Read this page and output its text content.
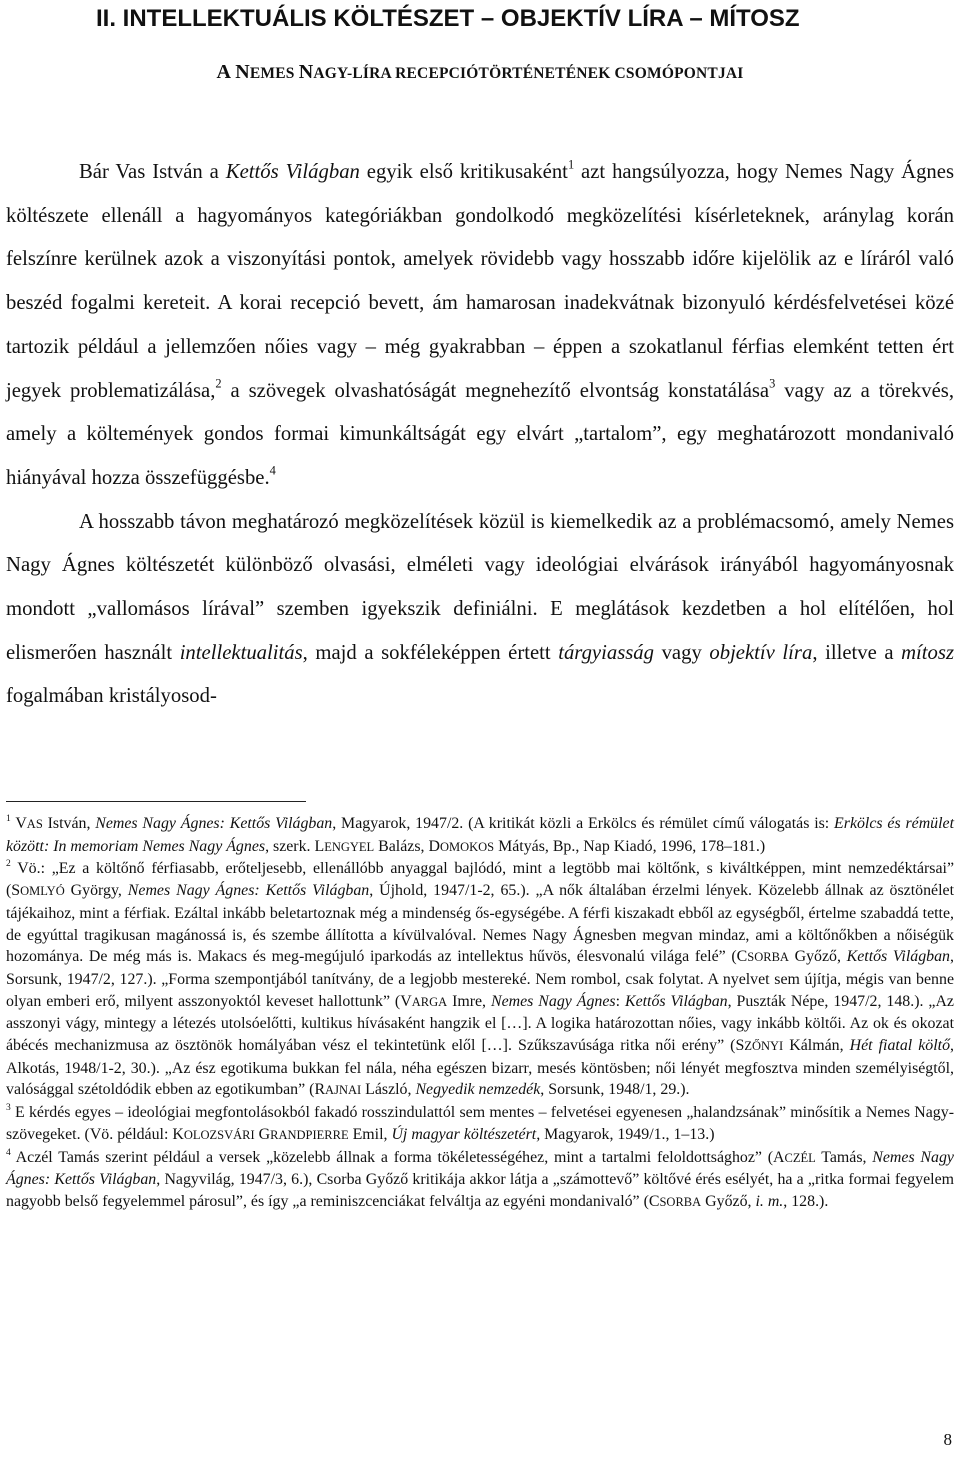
II. INTELLEKTUÁLIS KÖLTÉSZET – OBJEKTÍV LÍRA – MÍTOSZ
A NEMES NAGY-LÍRA RECEPCIÓTÖRTÉNETÉNEK CSOMÓPONTJAI

Bár Vas István a Kettős Világban egyik első kritikusaként$^1$ azt hangsúlyozza, hogy Nemes Nagy Ágnes költészete ellenáll a hagyományos kategóriákban gondolkodó megközelítési kísérleteknek, aránylag korán felszínre kerülnek azok a viszonyítási pontok, amelyek rövidebb vagy hosszabb időre kijelölik az e líráról való beszéd fogalmi kereteit. A korai recepció bevett, ám hamarosan inadekvátnak bizonyuló kérdésfelvetései közé tartozik például a jellemzően nőies vagy – még gyakrabban – éppen a szokatlanul férfias elemként tetten ért jegyek problematizálása,$^2$ a szövegek olvashatóságát megnehezítő elvontság konstatálása$^3$ vagy az a törekvés, amely a költemények gondos formai kimunkáltságát egy elvárt „tartalom”, egy meghatározott mondanivaló hiányával hozza összefüggésbe.$^4$

A hosszabb távon meghatározó megközelítések közül is kiemelkedik az a problémacsomó, amely Nemes Nagy Ágnes költészetét különböző olvasási, elméleti vagy ideológiai elvárások irányából hagyományosnak mondott „vallomásos lírával” szemben igyekszik definiálni. E meglátások kezdetben a hol elítélően, hol elismerően használt intellektualitás, majd a sokféleképpen értett tárgyiasság vagy objektív líra, illetve a mítosz fogalmában kristályosod-

$^1$ VAS István, Nemes Nagy Ágnes: Kettős Világban, Magyarok, 1947/2. (A kritikát közli a Erkölcs és rémület című válogatás is: Erkölcs és rémület között: In memoriam Nemes Nagy Ágnes, szerk. LENGYEL Balázs, DOMOKOS Mátyás, Bp., Nap Kiadó, 1996, 178–181.)

$^2$ Vö.: „Ez a költőnő férfiasabb, erőteljesebb, ellenállóbb anyaggal bajlódó, mint a legtöbb mai költőnk, s kiváltképpen, mint nemzedéktársai” (SOMLYÓ György, Nemes Nagy Ágnes: Kettős Világban, Újhold, 1947/1-2, 65.). „A nők általában érzelmi lények. Közelebb állnak az ösztönélet tájékaihoz, mint a férfiak. Ezáltal inkább beletartoznak még a mindenség ős-egységébe. A férfi kiszakadt ebből az egységből, értelme szabaddá tette, de egyúttal tragikusan magánossá is, és szembe állította a kívülvalóval. Nemes Nagy Ágnesben megvan mindaz, ami a költőnőkben a nőiségük hozománya. De még más is. Makacs és meg-megújuló iparkodás az intellektus hűvös, élesvonalú világa felé” (CSORBA Győző, Kettős Világban, Sorsunk, 1947/2, 127.). „Forma szempontjából tanítvány, de a legjobb mestereké. Nem rombol, csak folytat. A nyelvet sem újítja, mégis van benne olyan emberi erő, milyent asszonyoktól keveset hallottunk” (VARGA Imre, Nemes Nagy Ágnes: Kettős Világban, Puszták Népe, 1947/2, 148.). „Az asszonyi vágy, mintegy a létezés utolsóelőtti, kultikus hívásaként hangzik el […]. A logika határozottan nőies, vagy inkább költői. Az ok és okozat ábécés mechanizmusa az ösztönök homályában vész el tekintetünk elől […]. Szűkszavúsága ritka női erény” (SZŐNYI Kálmán, Hét fiatal költő, Alkotás, 1948/1-2, 30.). „Az ész egotikuma bukkan fel nála, néha egészen bizarr, mesés köntösben; női lényét megfosztva minden személyiségtől, valósággal szétoldódik ebben az egotikumban” (RAJNAI László, Negyedik nemzedék, Sorsunk, 1948/1, 29.).

$^3$ E kérdés egyes – ideológiai megfontolásokból fakadó rosszindulattól sem mentes – felvetései egyenesen „halandzsának” minősítik a Nemes Nagy-szövegeket. (Vö. például: KOLOZSVÁRI GRANDPIERRE Emil, Új magyar költészetért, Magyarok, 1949/1., 1–13.)

$^4$ Aczél Tamás szerint például a versek „közelebb állnak a forma tökéletességéhez, mint a tartalmi feloldottsághoz” (ACZÉL Tamás, Nemes Nagy Ágnes: Kettős Világban, Nagyvilág, 1947/3, 6.), Csorba Győző kritikája akkor látja a „számottevő” költővé érés esélyét, ha a „ritka formai fegyelem nagyobb belső fegyelemmel párosul”, és így „a reminiszcenciákat felváltja az egyéni mondanivaló” (CSORBA Győző, i. m., 128.).

8
